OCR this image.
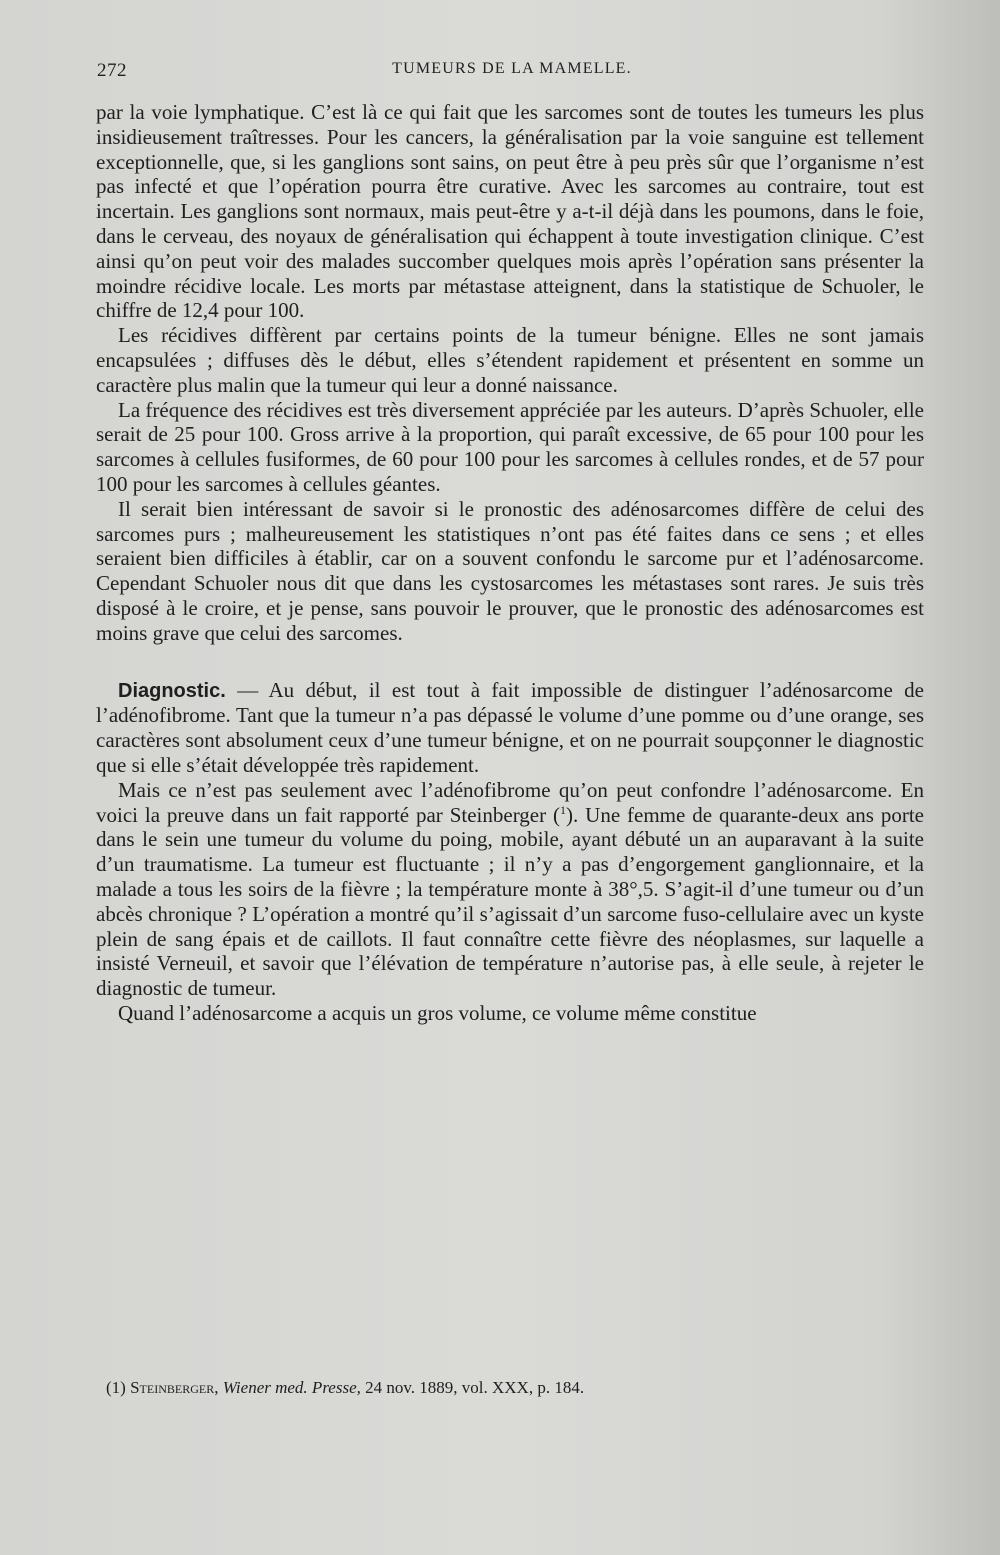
272	TUMEURS DE LA MAMELLE.

par la voie lymphatique. C’est là ce qui fait que les sarcomes sont de toutes les tumeurs les plus insidieusement traîtresses. Pour les cancers, la généralisation par la voie sanguine est tellement exceptionnelle, que, si les ganglions sont sains, on peut être à peu près sûr que l’organisme n’est pas infecté et que l’opération pourra être curative. Avec les sarcomes au contraire, tout est incertain. Les ganglions sont normaux, mais peut-être y a-t-il déjà dans les poumons, dans le foie, dans le cerveau, des noyaux de généralisation qui échappent à toute investigation clinique. C’est ainsi qu’on peut voir des malades succomber quelques mois après l’opération sans présenter la moindre récidive locale. Les morts par métastase atteignent, dans la statistique de Schuoler, le chiffre de 12,4 pour 100.

Les récidives diffèrent par certains points de la tumeur bénigne. Elles ne sont jamais encapsulées ; diffuses dès le début, elles s’étendent rapidement et présentent en somme un caractère plus malin que la tumeur qui leur a donné naissance.

La fréquence des récidives est très diversement appréciée par les auteurs. D’après Schuoler, elle serait de 25 pour 100. Gross arrive à la proportion, qui paraît excessive, de 65 pour 100 pour les sarcomes à cellules fusiformes, de 60 pour 100 pour les sarcomes à cellules rondes, et de 57 pour 100 pour les sarcomes à cellules géantes.

Il serait bien intéressant de savoir si le pronostic des adénosarcomes diffère de celui des sarcomes purs ; malheureusement les statistiques n’ont pas été faites dans ce sens ; et elles seraient bien difficiles à établir, car on a souvent confondu le sarcome pur et l’adénosarcome. Cependant Schuoler nous dit que dans les cystosarcomes les métastases sont rares. Je suis très disposé à le croire, et je pense, sans pouvoir le prouver, que le pronostic des adénosarcomes est moins grave que celui des sarcomes.

Diagnostic. — Au début, il est tout à fait impossible de distinguer l’adénosarcome de l’adénofibrome. Tant que la tumeur n’a pas dépassé le volume d’une pomme ou d’une orange, ses caractères sont absolument ceux d’une tumeur bénigne, et on ne pourrait soupçonner le diagnostic que si elle s’était développée très rapidement.

Mais ce n’est pas seulement avec l’adénofibrome qu’on peut confondre l’adénosarcome. En voici la preuve dans un fait rapporté par Steinberger ($^1$). Une femme de quarante-deux ans porte dans le sein une tumeur du volume du poing, mobile, ayant débuté un an auparavant à la suite d’un traumatisme. La tumeur est fluctuante ; il n’y a pas d’engorgement ganglionnaire, et la malade a tous les soirs de la fièvre ; la température monte à 38°,5. S’agit-il d’une tumeur ou d’un abcès chronique ? L’opération a montré qu’il s’agissait d’un sarcome fuso-cellulaire avec un kyste plein de sang épais et de caillots. Il faut connaître cette fièvre des néoplasmes, sur laquelle a insisté Verneuil, et savoir que l’élévation de température n’autorise pas, à elle seule, à rejeter le diagnostic de tumeur.

Quand l’adénosarcome a acquis un gros volume, ce volume même constitue

(1) Steinberger, Wiener med. Presse, 24 nov. 1889, vol. XXX, p. 184.
